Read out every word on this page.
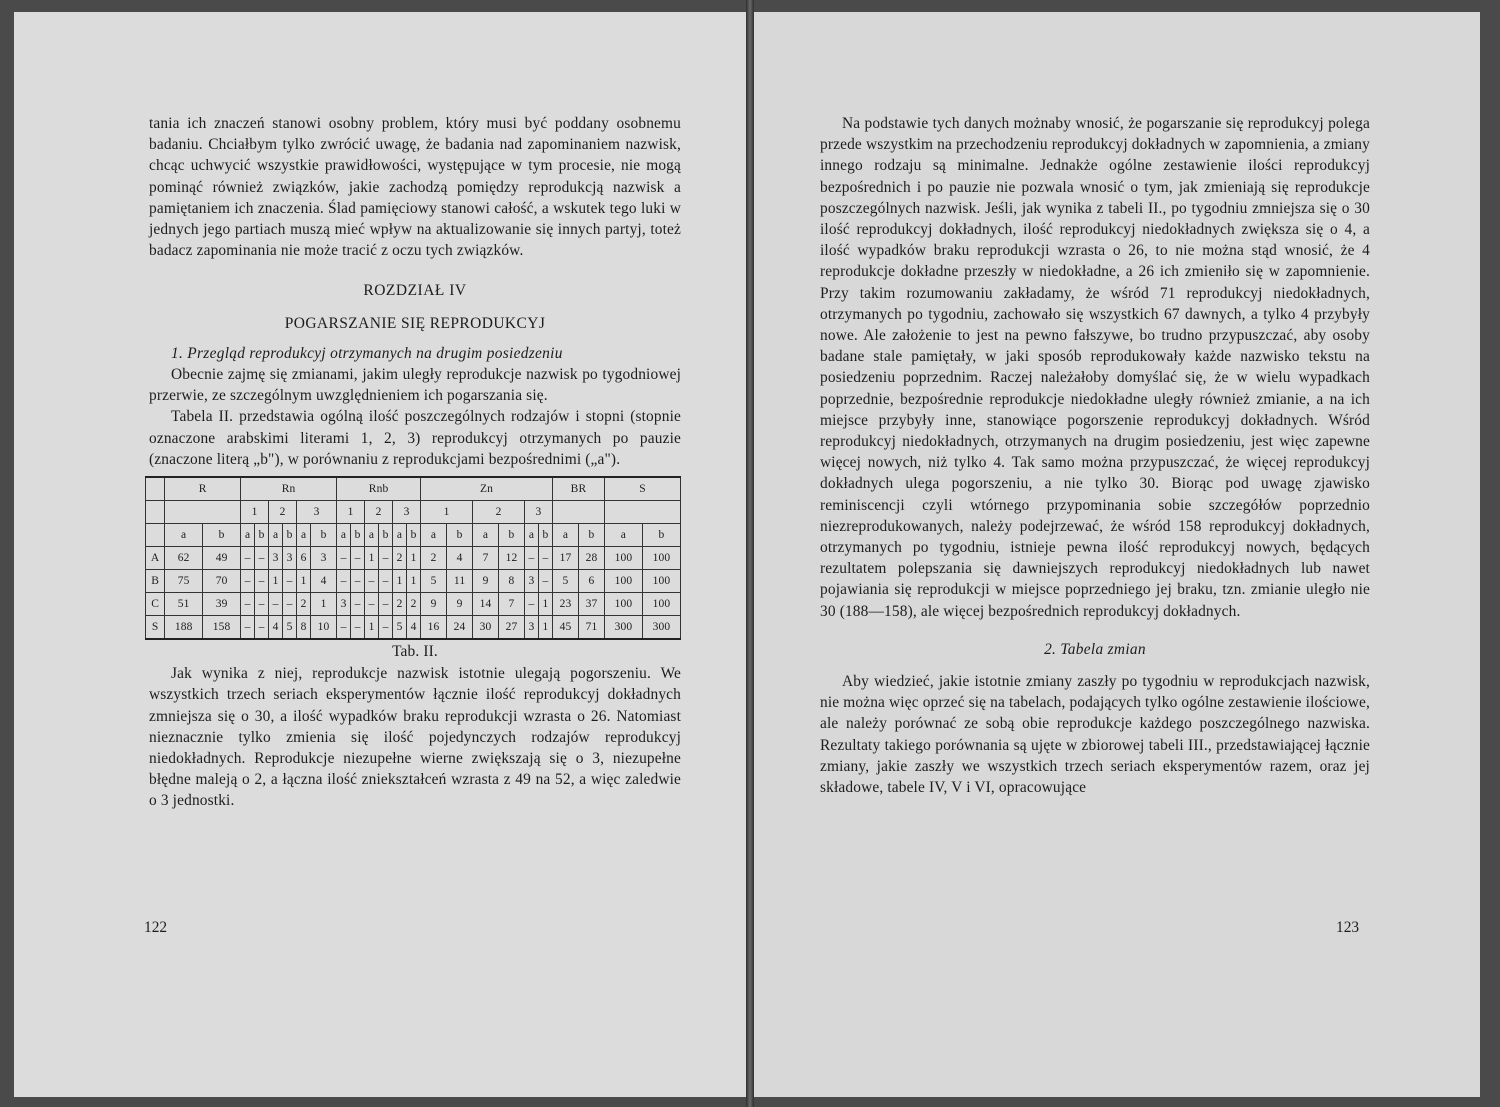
tania ich znaczeń stanowi osobny problem, który musi być poddany osobnemu badaniu. Chciałbym tylko zwrócić uwagę, że badania nad zapominaniem nazwisk, chcąc uchwycić wszystkie prawidłowości, występujące w tym procesie, nie mogą pominąć również związków, jakie zachodzą pomiędzy reprodukcją nazwisk a pamiętaniem ich znaczenia. Ślad pamięciowy stanowi całość, a wskutek tego luki w jednych jego partiach muszą mieć wpływ na aktualizowanie się innych partyj, toteż badacz zapominania nie może tracić z oczu tych związków.

ROZDZIAŁ IV

POGARSZANIE SIĘ REPRODUKCYJ

1. Przegląd reprodukcyj otrzymanych na drugim posiedzeniu

Obecnie zajmę się zmianami, jakim uległy reprodukcje nazwisk po tygodniowej przerwie, ze szczególnym uwzględnieniem ich pogarszania się.

Tabela II. przedstawia ogólną ilość poszczególnych rodzajów i stopni (stopnie oznaczone arabskimi literami 1, 2, 3) reprodukcyj otrzymanych po pauzie (znaczone literą „b"), w porównaniu z reprodukcjami bezpośrednimi („a").

	R		Rn						Rnb						Zn						BR		S	
			1		2		3		1		2		3		1		2		3					
	a	b	a	b	a	b	a	b	a	b	a	b	a	b	a	b	a	b	a	b	a	b	a	b
A	62	49	–	–	3	3	6	3	–	–	1	–	2	1	2	4	7	12	–	–	17	28	100	100
B	75	70	–	–	1	–	1	4	–	–	–	–	1	1	5	11	9	8	3	–	5	6	100	100
C	51	39	–	–	–	–	2	1	3	–	–	–	2	2	9	9	14	7	–	1	23	37	100	100
S	188	158	–	–	4	5	8	10	–	–	1	–	5	4	16	24	30	27	3	1	45	71	300	300

Tab. II.

Jak wynika z niej, reprodukcje nazwisk istotnie ulegają pogorszeniu. We wszystkich trzech seriach eksperymentów łącznie ilość reprodukcyj dokładnych zmniejsza się o 30, a ilość wypadków braku reprodukcji wzrasta o 26. Natomiast nieznacznie tylko zmienia się ilość pojedynczych rodzajów reprodukcyj niedokładnych. Reprodukcje niezupełne wierne zwiększają się o 3, niezupełne błędne maleją o 2, a łączna ilość zniekształceń wzrasta z 49 na 52, a więc zaledwie o 3 jednostki.

122

Na podstawie tych danych możnaby wnosić, że pogarszanie się reprodukcyj polega przede wszystkim na przechodzeniu reprodukcyj dokładnych w zapomnienia, a zmiany innego rodzaju są minimalne. Jednakże ogólne zestawienie ilości reprodukcyj bezpośrednich i po pauzie nie pozwala wnosić o tym, jak zmieniają się reprodukcje poszczególnych nazwisk. Jeśli, jak wynika z tabeli II., po tygodniu zmniejsza się o 30 ilość reprodukcyj dokładnych, ilość reprodukcyj niedokładnych zwiększa się o 4, a ilość wypadków braku reprodukcji wzrasta o 26, to nie można stąd wnosić, że 4 reprodukcje dokładne przeszły w niedokładne, a 26 ich zmieniło się w zapomnienie. Przy takim rozumowaniu zakładamy, że wśród 71 reprodukcyj niedokładnych, otrzymanych po tygodniu, zachowało się wszystkich 67 dawnych, a tylko 4 przybyły nowe. Ale założenie to jest na pewno fałszywe, bo trudno przypuszczać, aby osoby badane stale pamiętały, w jaki sposób reprodukowały każde nazwisko tekstu na posiedzeniu poprzednim. Raczej należałoby domyślać się, że w wielu wypadkach poprzednie, bezpośrednie reprodukcje niedokładne uległy również zmianie, a na ich miejsce przybyły inne, stanowiące pogorszenie reprodukcyj dokładnych. Wśród reprodukcyj niedokładnych, otrzymanych na drugim posiedzeniu, jest więc zapewne więcej nowych, niż tylko 4. Tak samo można przypuszczać, że więcej reprodukcyj dokładnych ulega pogorszeniu, a nie tylko 30. Biorąc pod uwagę zjawisko reminiscencji czyli wtórnego przypominania sobie szczegółów poprzednio niezreprodukowanych, należy podejrzewać, że wśród 158 reprodukcyj dokładnych, otrzymanych po tygodniu, istnieje pewna ilość reprodukcyj nowych, będących rezultatem polepszania się dawniejszych reprodukcyj niedokładnych lub nawet pojawiania się reprodukcji w miejsce poprzedniego jej braku, tzn. zmianie uległo nie 30 (188—158), ale więcej bezpośrednich reprodukcyj dokładnych.

2. Tabela zmian

Aby wiedzieć, jakie istotnie zmiany zaszły po tygodniu w reprodukcjach nazwisk, nie można więc oprzeć się na tabelach, podających tylko ogólne zestawienie ilościowe, ale należy porównać ze sobą obie reprodukcje każdego poszczególnego nazwiska. Rezultaty takiego porównania są ujęte w zbiorowej tabeli III., przedstawiającej łącznie zmiany, jakie zaszły we wszystkich trzech seriach eksperymentów razem, oraz jej składowe, tabele IV, V i VI, opracowujące

123
